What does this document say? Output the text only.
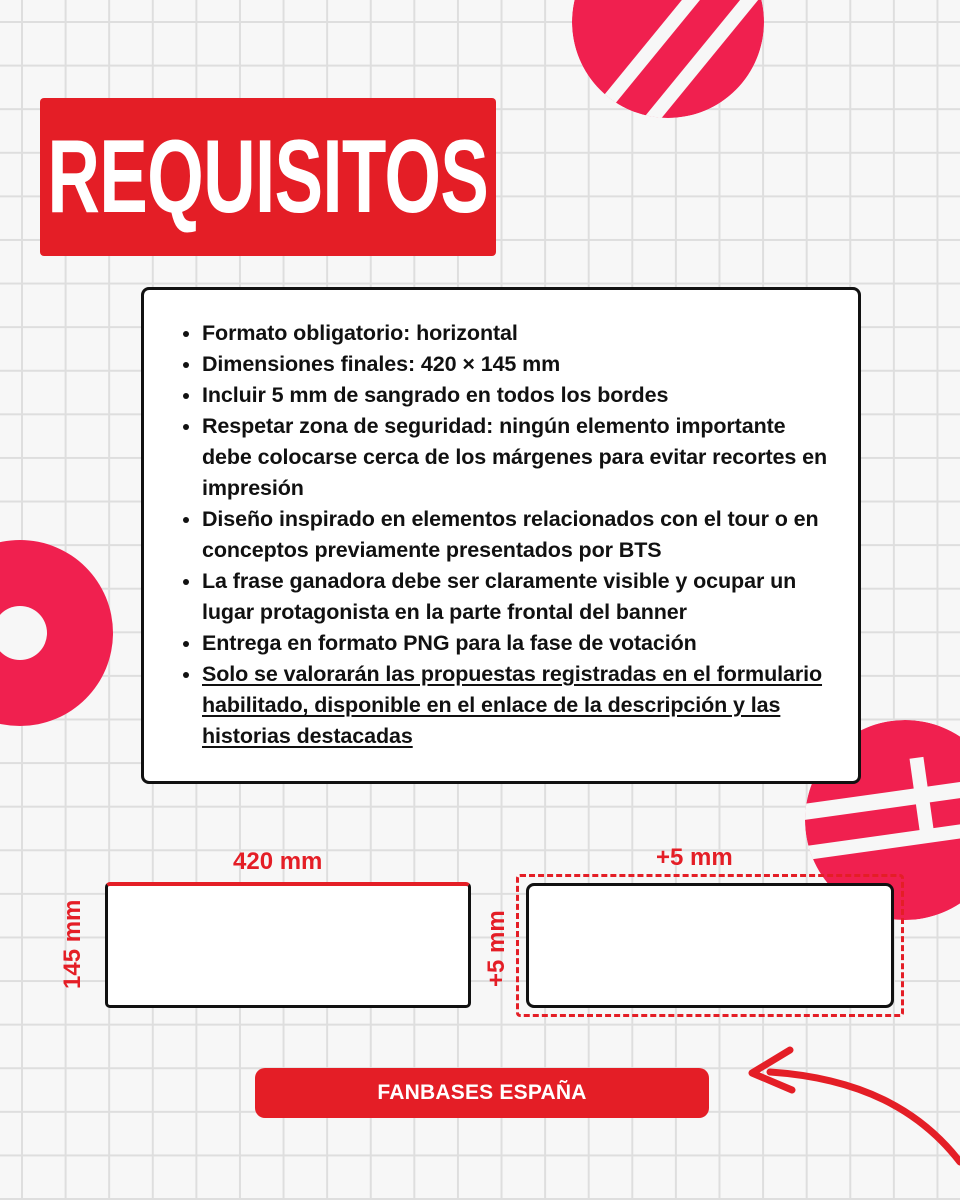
REQUISITOS
• Formato obligatorio: horizontal
• Dimensiones finales: 420 × 145 mm
• Incluir 5 mm de sangrado en todos los bordes
• Respetar zona de seguridad: ningún elemento importante debe colocarse cerca de los márgenes para evitar recortes en impresión
• Diseño inspirado en elementos relacionados con el tour o en conceptos previamente presentados por BTS
• La frase ganadora debe ser claramente visible y ocupar un lugar protagonista en la parte frontal del banner
• Entrega en formato PNG para la fase de votación
• Solo se valorarán las propuestas registradas en el formulario habilitado, disponible en el enlace de la descripción y las historias destacadas
420 mm
145 mm
+5 mm
+5 mm
FANBASES ESPAÑA
